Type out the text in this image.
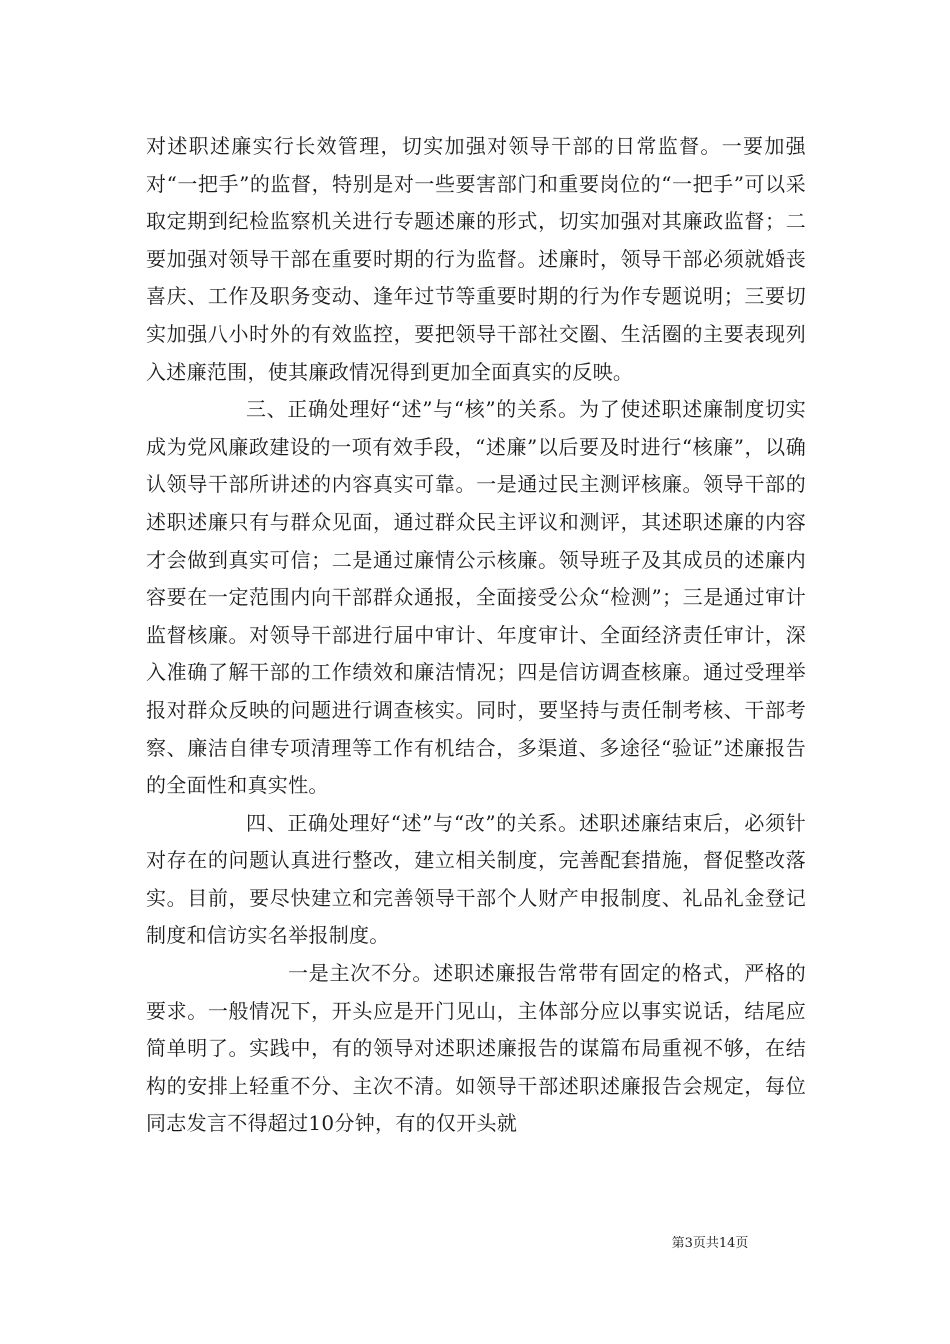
对述职述廉实行长效管理，切实加强对领导干部的日常监督。一要加强对“一把手”的监督，特别是对一些要害部门和重要岗位的“一把手”可以采取定期到纪检监察机关进行专题述廉的形式，切实加强对其廉政监督；二要加强对领导干部在重要时期的行为监督。述廉时，领导干部必须就婚丧喜庆、工作及职务变动、逢年过节等重要时期的行为作专题说明；三要切实加强八小时外的有效监控，要把领导干部社交圈、生活圈的主要表现列入述廉范围，使其廉政情况得到更加全面真实的反映。

三、正确处理好“述”与“核”的关系。为了使述职述廉制度切实成为党风廉政建设的一项有效手段，“述廉”以后要及时进行“核廉”，以确认领导干部所讲述的内容真实可靠。一是通过民主测评核廉。领导干部的述职述廉只有与群众见面，通过群众民主评议和测评，其述职述廉的内容才会做到真实可信；二是通过廉情公示核廉。领导班子及其成员的述廉内容要在一定范围内向干部群众通报，全面接受公众“检测”；三是通过审计监督核廉。对领导干部进行届中审计、年度审计、全面经济责任审计，深入准确了解干部的工作绩效和廉洁情况；四是信访调查核廉。通过受理举报对群众反映的问题进行调查核实。同时，要坚持与责任制考核、干部考察、廉洁自律专项清理等工作有机结合，多渠道、多途径“验证”述廉报告的全面性和真实性。

四、正确处理好“述”与“改”的关系。述职述廉结束后，必须针对存在的问题认真进行整改，建立相关制度，完善配套措施，督促整改落实。目前，要尽快建立和完善领导干部个人财产申报制度、礼品礼金登记制度和信访实名举报制度。

一是主次不分。述职述廉报告常带有固定的格式，严格的要求。一般情况下，开头应是开门见山，主体部分应以事实说话，结尾应简单明了。实践中，有的领导对述职述廉报告的谋篇布局重视不够，在结构的安排上轻重不分、主次不清。如领导干部述职述廉报告会规定，每位同志发言不得超过10分钟，有的仅开头就

第3页共14页
